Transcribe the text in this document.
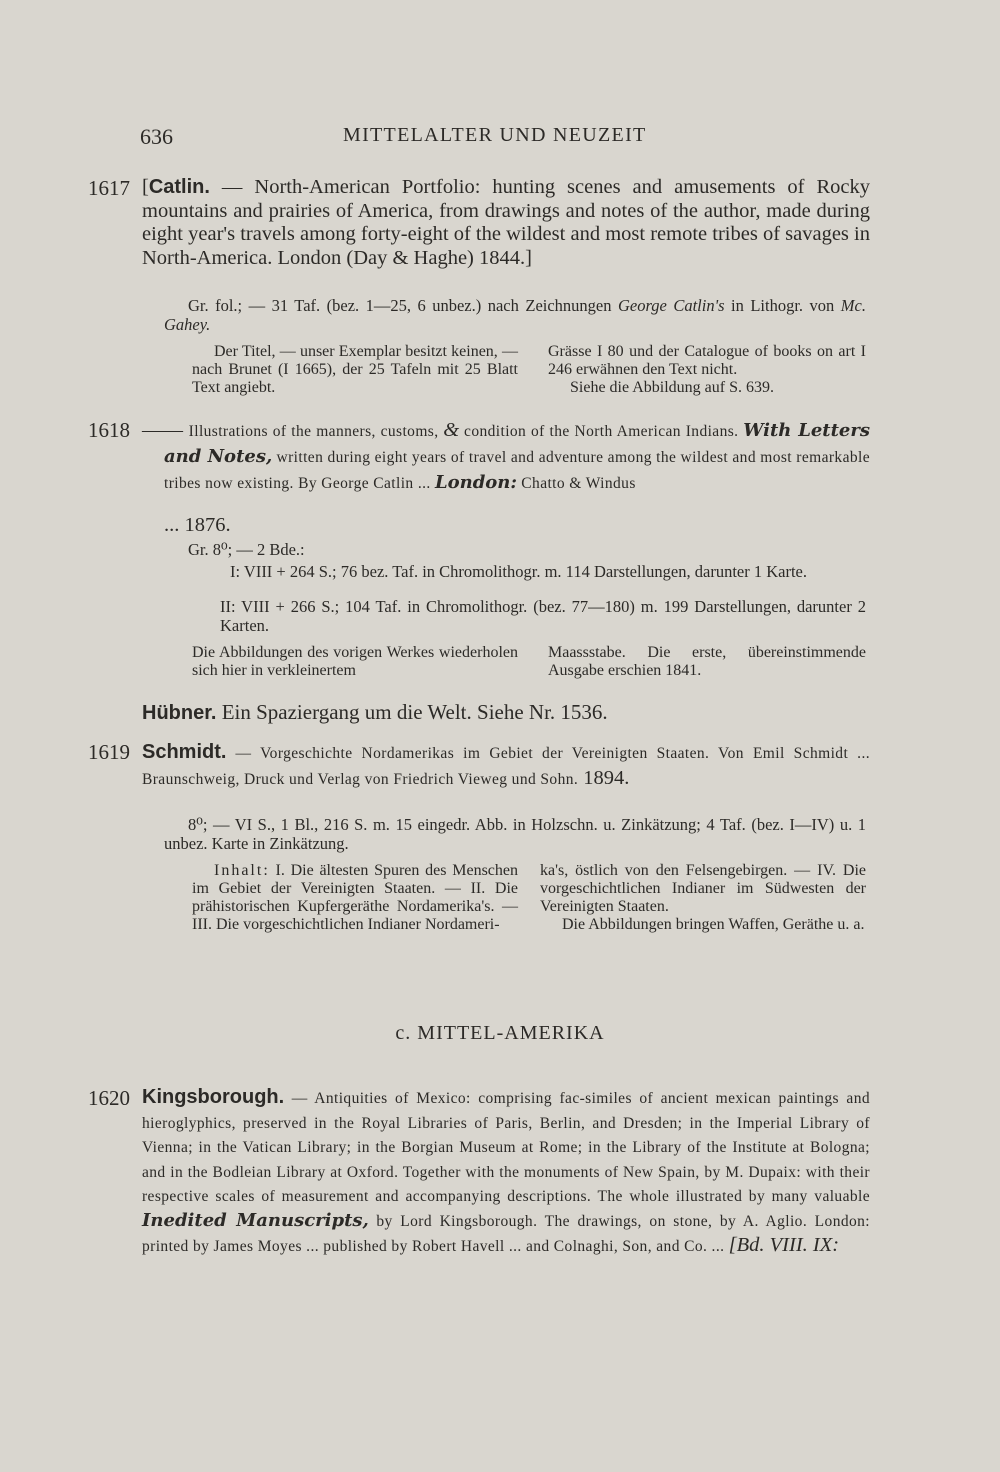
636	MITTELALTER UND NEUZEIT
1617 [Catlin. — North-American Portfolio: hunting scenes and amusements of Rocky mountains and prairies of America, from drawings and notes of the author, made during eight year's travels among forty-eight of the wildest and most remote tribes of savages in North-America. London (Day & Haghe) 1844.]
Gr. fol.; — 31 Taf. (bez. 1—25, 6 unbez.) nach Zeichnungen George Catlin's in Lithogr. von Mc. Gahey.
Der Titel, — unser Exemplar besitzt keinen, — nach Brunet (I 1665), der 25 Tafeln mit 25 Blatt Text angiebt.
Grässe I 80 und der Catalogue of books on art I 246 erwähnen den Text nicht.
Siehe die Abbildung auf S. 639.
1618 —— Illustrations of the manners, customs, & condition of the North American Indians. With Letters and Notes, written during eight years of travel and adventure among the wildest and most remarkable tribes now existing. By George Catlin ... London: Chatto & Windus
... 1876.
Gr. 8⁰; — 2 Bde.:
I: VIII + 264 S.; 76 bez. Taf. in Chromolithogr. m. 114 Darstellungen, darunter 1 Karte.
II: VIII + 266 S.; 104 Taf. in Chromolithogr. (bez. 77—180) m. 199 Darstellungen, darunter 2 Karten.
Die Abbildungen des vorigen Werkes wiederholen sich hier in verkleinertem
Maassstabe. Die erste, übereinstimmende Ausgabe erschien 1841.
Hübner. Ein Spaziergang um die Welt. Siehe Nr. 1536.
1619 Schmidt. — Vorgeschichte Nordamerikas im Gebiet der Vereinigten Staaten. Von Emil Schmidt ... Braunschweig, Druck und Verlag von Friedrich Vieweg und Sohn. 1894.
8⁰; — VI S., 1 Bl., 216 S. m. 15 eingedr. Abb. in Holzschn. u. Zinkätzung; 4 Taf. (bez. I—IV) u. 1 unbez. Karte in Zinkätzung.
Inhalt: I. Die ältesten Spuren des Menschen im Gebiet der Vereinigten Staaten. — II. Die prähistorischen Kupfergeräthe Nordamerika's. — III. Die vorgeschichtlichen Indianer Nordameri-
ka's, östlich von den Felsengebirgen. — IV. Die vorgeschichtlichen Indianer im Südwesten der Vereinigten Staaten.
Die Abbildungen bringen Waffen, Geräthe u. a.
c. MITTEL-AMERIKA
1620 Kingsborough. — Antiquities of Mexico: comprising fac-similes of ancient mexican paintings and hieroglyphics, preserved in the Royal Libraries of Paris, Berlin, and Dresden; in the Imperial Library of Vienna; in the Vatican Library; in the Borgian Museum at Rome; in the Library of the Institute at Bologna; and in the Bodleian Library at Oxford. Together with the monuments of New Spain, by M. Dupaix: with their respective scales of measurement and accompanying descriptions. The whole illustrated by many valuable Inedited Manuscripts, by Lord Kingsborough. The drawings, on stone, by A. Aglio. London: printed by James Moyes ... published by Robert Havell ... and Colnaghi, Son, and Co. ... [Bd. VIII. IX:
